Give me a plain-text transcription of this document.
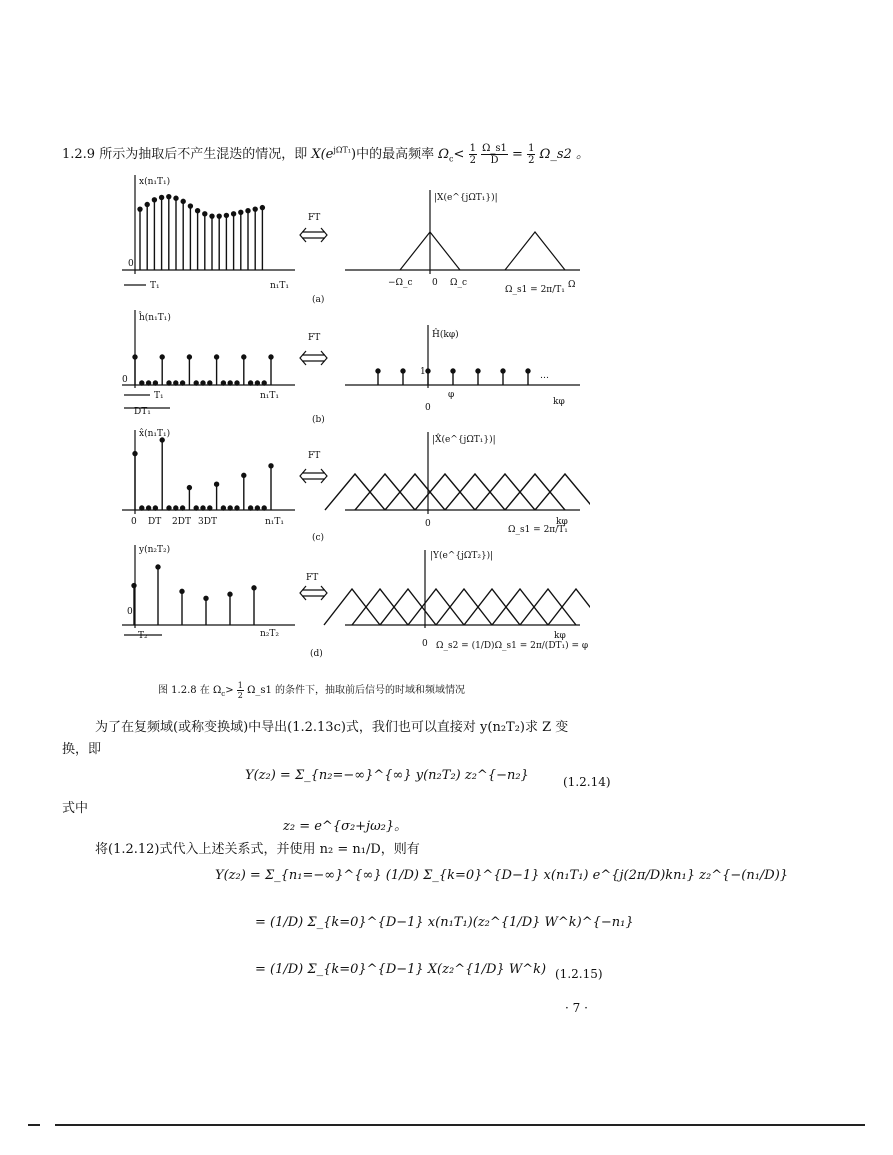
1.2.9 所示为抽取后不产生混迭的情况，即 $X(e^{j\Omega T_1})$中的最高频率 $\Omega_c< \frac{1}{2}$
$\frac{\Omega\_s1}{D} = \frac{1}{2}$ Ω_s2 。
x(n₁T₁)
0
T₁	n₁T₁
FT
(a)
|X(e^{jΩT₁})|
−Ω_c 0 Ω_c
Ω_s1 = 2π/T₁ Ω
ĥ(n₁T₁)
0
T₁
DT₁
n₁T₁
FT
(b)
Ĥ(kφ)
1
0
φ
…
kφ
x̂(n₁T₁)
0 DT 2DT 3DT	n₁T₁
FT
(c)
|X̂(e^{jΩT₁})|
0
Ω_s1 = 2π/T₁
kφ
y(n₂T₂)
0
T₂	n₂T₂
FT
(d)
|Y(e^{jΩT₂})|
0 Ω_s2 = (1/D)Ω_s1 = 2π/(DT₁) = φ
kφ
图 1.2.8 在 $\Omega_c> \frac{1}{2}$ Ω_s1 的条件下，抽取前后信号的时域和频域情况
为了在复频域(或称变换域)中导出(1.2.13c)式，我们也可以直接对 y(n₂T₂)求 Z 变
换，即
Y(z₂) = Σ_{n₂=−∞}^{∞} y(n₂T₂) z₂^{−n₂}	(1.2.14)
式中
z₂ = e^{σ₂+jω₂}。
将(1.2.12)式代入上述关系式，并使用 n₂ = n₁/D，则有
Y(z₂) = Σ_{n₁=−∞}^{∞} (1/D) Σ_{k=0}^{D−1} x(n₁T₁) e^{j(2π/D)kn₁} z₂^{−(n₁/D)}
= (1/D) Σ_{k=0}^{D−1} x(n₁T₁)(z₂^{1/D} W^k)^{−n₁}
= (1/D) Σ_{k=0}^{D−1} X(z₂^{1/D} W^k) (1.2.15)
· 7 ·
